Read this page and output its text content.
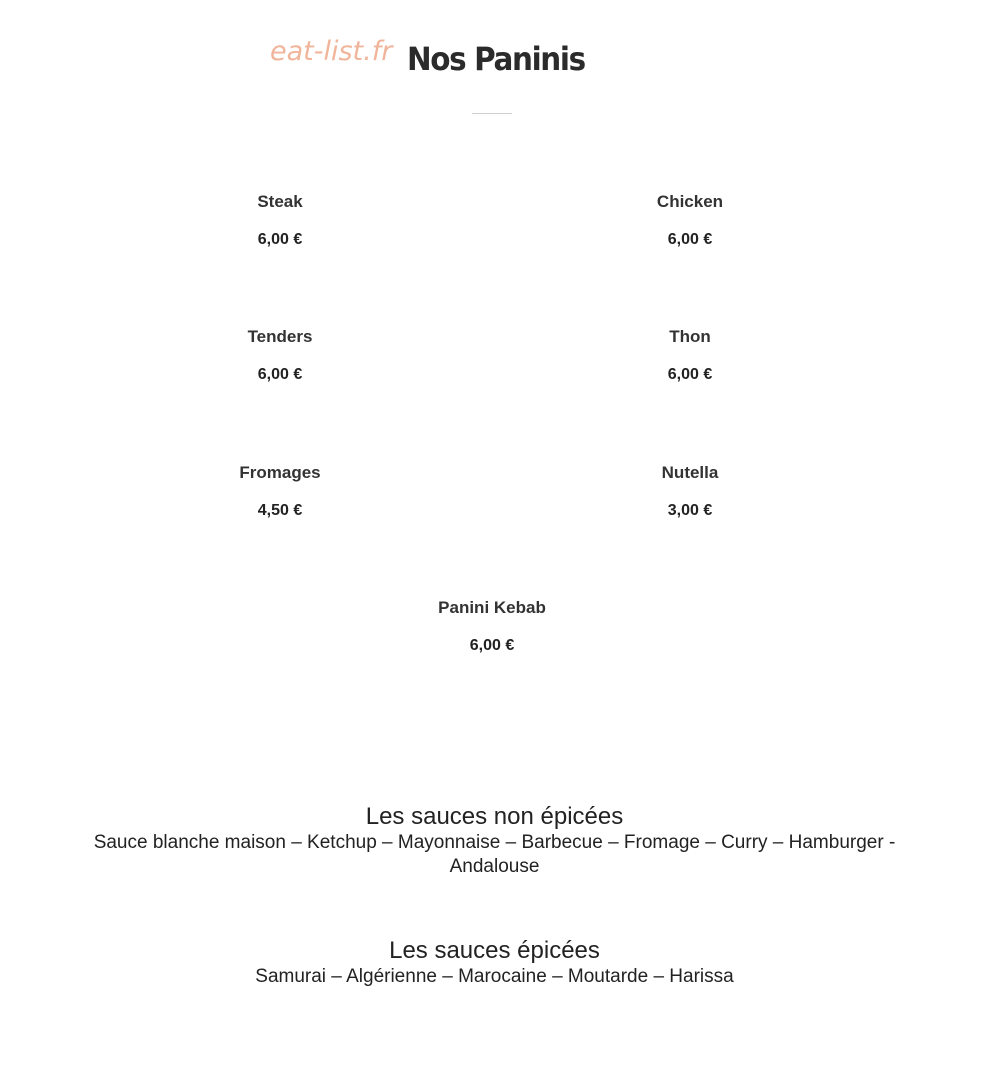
eat-list.fr Nos Paninis
Steak
6,00 €
Chicken
6,00 €
Tenders
6,00 €
Thon
6,00 €
Fromages
4,50 €
Nutella
3,00 €
Panini Kebab
6,00 €
Les sauces non épicées
Sauce blanche maison – Ketchup – Mayonnaise – Barbecue – Fromage – Curry – Hamburger - Andalouse
Les sauces épicées
Samurai – Algérienne – Marocaine – Moutarde – Harissa
